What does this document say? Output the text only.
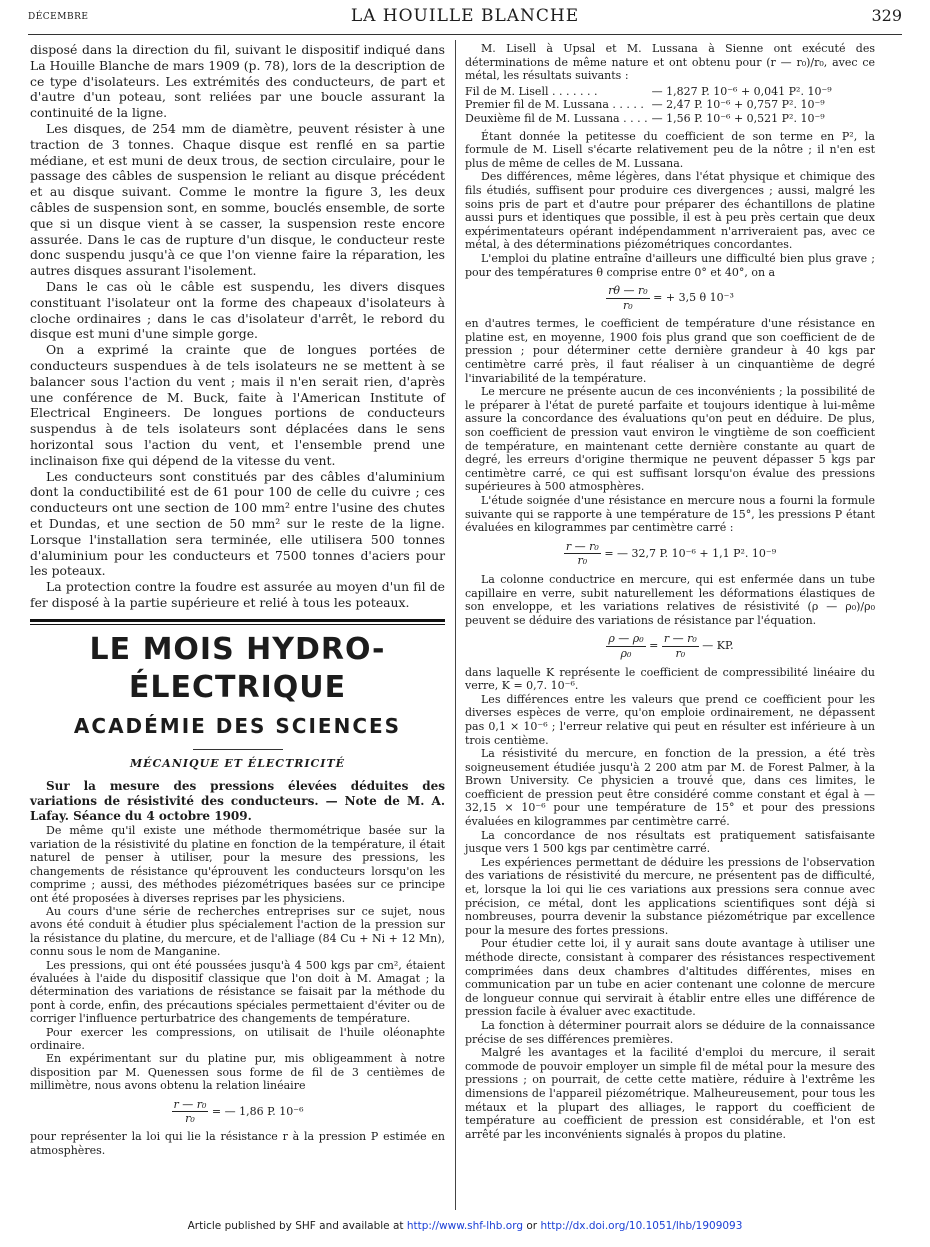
DÉCEMBRE	LA HOUILLE BLANCHE	329

disposé dans la direction du fil, suivant le dispositif indiqué dans La Houille Blanche de mars 1909 (p. 78), lors de la description de ce type d'isolateurs. Les extrémités des conducteurs, de part et d'autre d'un poteau, sont reliées par une boucle assurant la continuité de la ligne.

Les disques, de 254 mm de diamètre, peuvent résister à une traction de 3 tonnes. Chaque disque est renflé en sa partie médiane, et est muni de deux trous, de section circulaire, pour le passage des câbles de suspension le reliant au disque précédent et au disque suivant. Comme le montre la figure 3, les deux câbles de suspension sont, en somme, bouclés ensemble, de sorte que si un disque vient à se casser, la suspension reste encore assurée. Dans le cas de rupture d'un disque, le conducteur reste donc suspendu jusqu'à ce que l'on vienne faire la réparation, les autres disques assurant l'isolement.

Dans le cas où le câble est suspendu, les divers disques constituant l'isolateur ont la forme des chapeaux d'isolateurs à cloche ordinaires ; dans le cas d'isolateur d'arrêt, le rebord du disque est muni d'une simple gorge.

On a exprimé la crainte que de longues portées de conducteurs suspendues à de tels isolateurs ne se mettent à se balancer sous l'action du vent ; mais il n'en serait rien, d'après une conférence de M. Buck, faite à l'American Institute of Electrical Engineers. De longues portions de conducteurs suspendus à de tels isolateurs sont déplacées dans le sens horizontal sous l'action du vent, et l'ensemble prend une inclinaison fixe qui dépend de la vitesse du vent.

Les conducteurs sont constitués par des câbles d'aluminium dont la conductibilité est de 61 pour 100 de celle du cuivre ; ces conducteurs ont une section de 100 mm² entre l'usine des chutes et Dundas, et une section de 50 mm² sur le reste de la ligne. Lorsque l'installation sera terminée, elle utilisera 500 tonnes d'aluminium pour les conducteurs et 7500 tonnes d'aciers pour les poteaux.

La protection contre la foudre est assurée au moyen d'un fil de fer disposé à la partie supérieure et relié à tous les poteaux.

LE MOIS HYDRO-ÉLECTRIQUE
ACADÉMIE DES SCIENCES
MÉCANIQUE ET ÉLECTRICITÉ

Sur la mesure des pressions élevées déduites des variations de résistivité des conducteurs. — Note de M. A. Lafay. Séance du 4 octobre 1909.

De même qu'il existe une méthode thermométrique basée sur la variation de la résistivité du platine en fonction de la température, il était naturel de penser à utiliser, pour la mesure des pressions, les changements de résistance qu'éprouvent les conducteurs lorsqu'on les comprime ; aussi, des méthodes piézométriques basées sur ce principe ont été proposées à diverses reprises par les physiciens.

Au cours d'une série de recherches entreprises sur ce sujet, nous avons été conduit à étudier plus spécialement l'action de la pression sur la résistance du platine, du mercure, et de l'alliage (84 Cu + Ni + 12 Mn), connu sous le nom de Manganine.

Les pressions, qui ont été poussées jusqu'à 4 500 kgs par cm², étaient évaluées à l'aide du dispositif classique que l'on doit à M. Amagat ; la détermination des variations de résistance se faisait par la méthode du pont à corde, enfin, des précautions spéciales permettaient d'éviter ou de corriger l'influence perturbatrice des changements de température.

Pour exercer les compressions, on utilisait de l'huile oléonaphte ordinaire.

En expérimentant sur du platine pur, mis obligeamment à notre disposition par M. Quenessen sous forme de fil de 3 centièmes de millimètre, nous avons obtenu la relation linéaire

$\frac{\text{r — r₀}}{\text{r₀}}$ = — 1,86 P. 10⁻⁶

pour représenter la loi qui lie la résistance r à la pression P estimée en atmosphères.

M. Lisell à Upsal et M. Lussana à Sienne ont exécuté des déterminations de même nature et ont obtenu pour (r — r₀)/r₀, avec ce métal, les résultats suivants :

Fil de M. Lisell . . . . . . .	— 1,827 P. 10⁻⁶ + 0,041 P². 10⁻⁹
Premier fil de M. Lussana . . . . .	— 2,47 P. 10⁻⁶ + 0,757 P². 10⁻⁹
Deuxième fil de M. Lussana . . . .	— 1,56 P. 10⁻⁶ + 0,521 P². 10⁻⁹

Étant donnée la petitesse du coefficient de son terme en P², la formule de M. Lisell s'écarte relativement peu de la nôtre ; il n'en est plus de même de celles de M. Lussana.

Des différences, même légères, dans l'état physique et chimique des fils étudiés, suffisent pour produire ces divergences ; aussi, malgré les soins pris de part et d'autre pour préparer des échantillons de platine aussi purs et identiques que possible, il est à peu près certain que deux expérimentateurs opérant indépendamment n'arriveraient pas, avec ce métal, à des déterminations piézométriques concordantes.

L'emploi du platine entraîne d'ailleurs une difficulté bien plus grave ; pour des températures θ comprise entre 0° et 40°, on a

$\frac{\text{rθ — r₀}}{\text{r₀}}$ = + 3,5 θ 10⁻³

en d'autres termes, le coefficient de température d'une résistance en platine est, en moyenne, 1900 fois plus grand que son coefficient de de pression ; pour déterminer cette dernière grandeur à 40 kgs par centimètre carré près, il faut réaliser à un cinquantième de degré l'invariabilité de la température.

Le mercure ne présente aucun de ces inconvénients ; la possibilité de le préparer à l'état de pureté parfaite et toujours identique à lui-même assure la concordance des évaluations qu'on peut en déduire. De plus, son coefficient de pression vaut environ le vingtième de son coefficient de température, en maintenant cette dernière constante au quart de degré, les erreurs d'origine thermique ne peuvent dépasser 5 kgs par centimètre carré, ce qui est suffisant lorsqu'on évalue des pressions supérieures à 500 atmosphères.

L'étude soignée d'une résistance en mercure nous a fourni la formule suivante qui se rapporte à une température de 15°, les pressions P étant évaluées en kilogrammes par centimètre carré :

$\frac{\text{r — r₀}}{\text{r₀}}$ = — 32,7 P. 10⁻⁶ + 1,1 P². 10⁻⁹

La colonne conductrice en mercure, qui est enfermée dans un tube capillaire en verre, subit naturellement les déformations élastiques de son enveloppe, et les variations relatives de résistivité (ρ — ρ₀)/ρ₀ peuvent se déduire des variations de résistance par l'équation.

$\frac{\text{ρ — ρ₀}}{\text{ρ₀}} = \frac{\text{r — r₀}}{\text{r₀}}$ — KP.

dans laquelle K représente le coefficient de compressibilité linéaire du verre, K = 0,7. 10⁻⁶.

Les différences entre les valeurs que prend ce coefficient pour les diverses espèces de verre, qu'on emploie ordinairement, ne dépassent pas 0,1 × 10⁻⁶ ; l'erreur relative qui peut en résulter est inférieure à un trois centième.

La résistivité du mercure, en fonction de la pression, a été très soigneusement étudiée jusqu'à 2 200 atm par M. de Forest Palmer, à la Brown University. Ce physicien a trouvé que, dans ces limites, le coefficient de pression peut être considéré comme constant et égal à — 32,15 × 10⁻⁶ pour une température de 15° et pour des pressions évaluées en kilogrammes par centimètre carré.

La concordance de nos résultats est pratiquement satisfaisante jusque vers 1 500 kgs par centimètre carré.

Les expériences permettant de déduire les pressions de l'observation des variations de résistivité du mercure, ne présentent pas de difficulté, et, lorsque la loi qui lie ces variations aux pressions sera connue avec précision, ce métal, dont les applications scientifiques sont déjà si nombreuses, pourra devenir la substance piézométrique par excellence pour la mesure des fortes pressions.

Pour étudier cette loi, il y aurait sans doute avantage à utiliser une méthode directe, consistant à comparer des résistances respectivement comprimées dans deux chambres d'altitudes différentes, mises en communication par un tube en acier contenant une colonne de mercure de longueur connue qui servirait à établir entre elles une différence de pression facile à évaluer avec exactitude.

La fonction à déterminer pourrait alors se déduire de la connaissance précise de ses différences premières.

Malgré les avantages et la facilité d'emploi du mercure, il serait commode de pouvoir employer un simple fil de métal pour la mesure des pressions ; on pourrait, de cette cette matière, réduire à l'extrême les dimensions de l'appareil piézométrique. Malheureusement, pour tous les métaux et la plupart des alliages, le rapport du coefficient de température au coefficient de pression est considérable, et l'on est arrêté par les inconvénients signalés à propos du platine.

Article published by SHF and available at http://www.shf-lhb.org or http://dx.doi.org/10.1051/lhb/1909093
